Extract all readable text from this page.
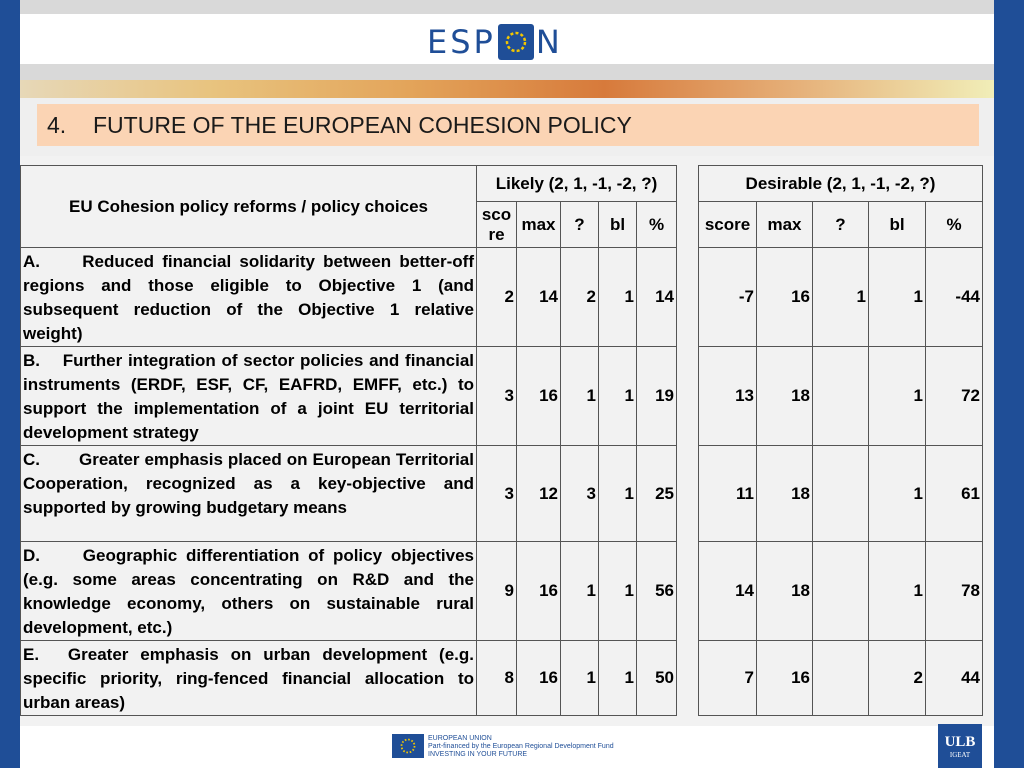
ESP N
4.	FUTURE OF THE EUROPEAN COHESION POLICY
EU Cohesion policy reforms / policy choices	Likely (2, 1, -1, -2, ?)						Desirable (2, 1, -1, -2, ?)				
	sco re	max	?	bl	%		score	max	?	bl	%
A.   Reduced financial solidarity between better-off regions and those eligible to Objective 1 (and subsequent reduction of the Objective 1 relative weight)	2	14	2	1	14		-7	16	1	1	-44
B.  Further integration of sector policies and financial instruments (ERDF, ESF, CF, EAFRD, EMFF, etc.) to support the implementation of a joint EU territorial development strategy	3	16	1	1	19		13	18		1	72
C.   Greater emphasis placed on European Territorial Cooperation, recognized as a key-objective and supported by growing budgetary means	3	12	3	1	25		11	18		1	61
D.   Geographic differentiation of policy objectives (e.g. some areas concentrating on R&D and the knowledge economy, others on sustainable rural development, etc.)	9	16	1	1	56		14	18		1	78
E.  Greater emphasis on urban development (e.g. specific priority, ring-fenced financial allocation to urban areas)	8	16	1	1	50		7	16		2	44
EUROPEAN UNION
Part-financed by the European Regional Development Fund
INVESTING IN YOUR FUTURE
ULB
IGEAT
